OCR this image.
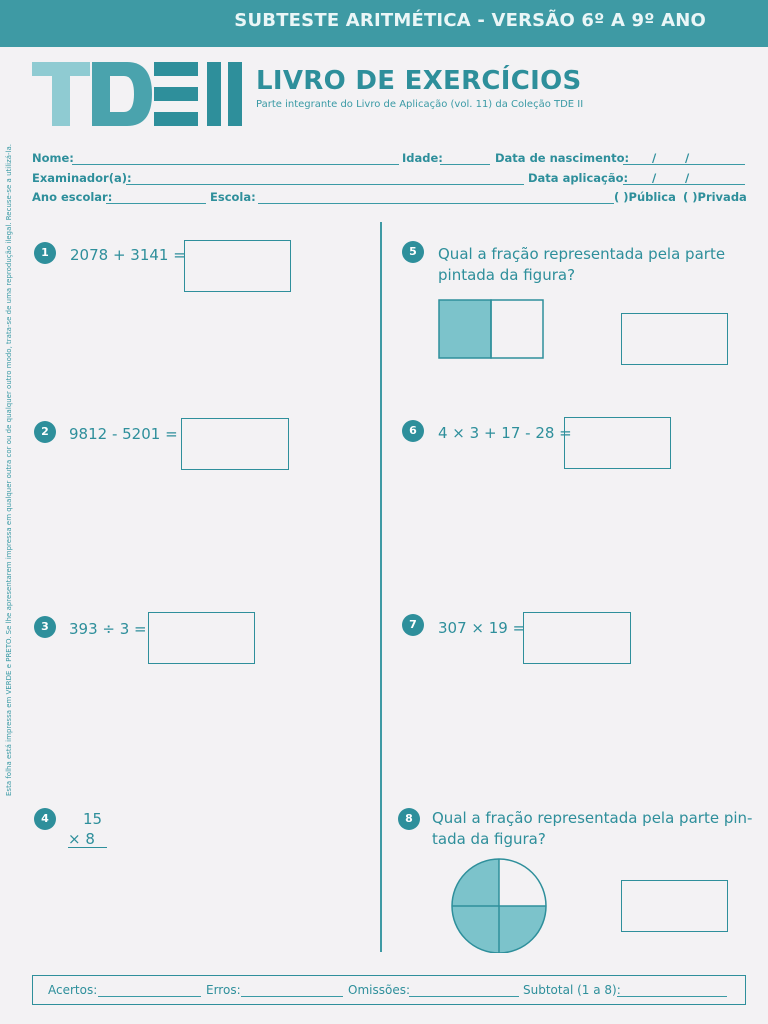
SUBTESTE ARITMÉTICA - VERSÃO 6º A 9º ANO
LIVRO DE EXERCÍCIOS
Parte integrante do Livro de Aplicação (vol. 11) da Coleção TDE II
Nome:	Idade:	Data de nascimento: /	/
Examinador(a):	Data aplicação: /	/
Ano escolar:	Escola:	( )Pública ( )Privada
Esta folha está impressa em VERDE e PRETO. Se lhe apresentarem impressa em qualquer outra cor ou de qualquer outro modo, trata-se de uma reprodução ilegal. Recuse-se a utilizá-la.	1	2078 + 3141 =
2	9812 - 5201 =
3	393 ÷ 3 =
4	15
× 8
5	Qual a fração representada pela parte
pintada da figura?
6	4 × 3 + 17 - 28 =
7	307 × 19 =
8	Qual a fração representada pela parte pin-
tada da figura?
Acertos:	Erros:	Omissões:	Subtotal (1 a 8):
